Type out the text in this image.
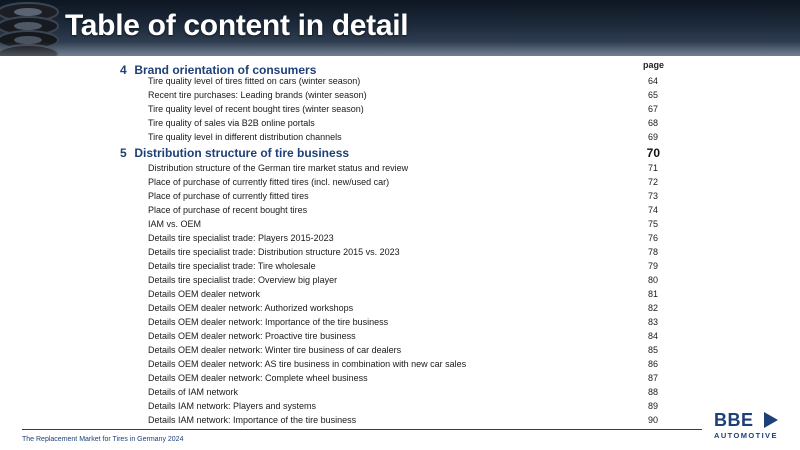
Table of content in detail
page
4 Brand orientation of consumers
Tire quality level of tires fitted on cars (winter season)	64
Recent tire purchases: Leading brands (winter season)	65
Tire quality level of recent bought tires (winter season)	67
Tire quality of sales via B2B online portals	68
Tire quality level in different distribution channels	69
5 Distribution structure of tire business	70
Distribution structure of the German tire market status and review	71
Place of purchase of currently fitted tires (incl. new/used car)	72
Place of purchase of currently fitted tires	73
Place of purchase of recent bought tires	74
IAM vs. OEM	75
Details tire specialist trade: Players 2015-2023	76
Details tire specialist trade: Distribution structure 2015 vs. 2023	78
Details tire specialist trade: Tire wholesale	79
Details tire specialist trade: Overview big player	80
Details OEM dealer network	81
Details OEM dealer network: Authorized workshops	82
Details OEM dealer network: Importance of the tire business	83
Details OEM dealer network: Proactive tire business	84
Details OEM dealer network: Winter tire business of car dealers	85
Details OEM dealer network: AS tire business in combination with new car sales	86
Details OEM dealer network: Complete wheel business	87
Details of IAM network	88
Details IAM network: Players and systems	89
Details IAM network: Importance of the tire business	90
The Replacement Market for Tires in Germany 2024
BBE
AUTOMOTIVE
